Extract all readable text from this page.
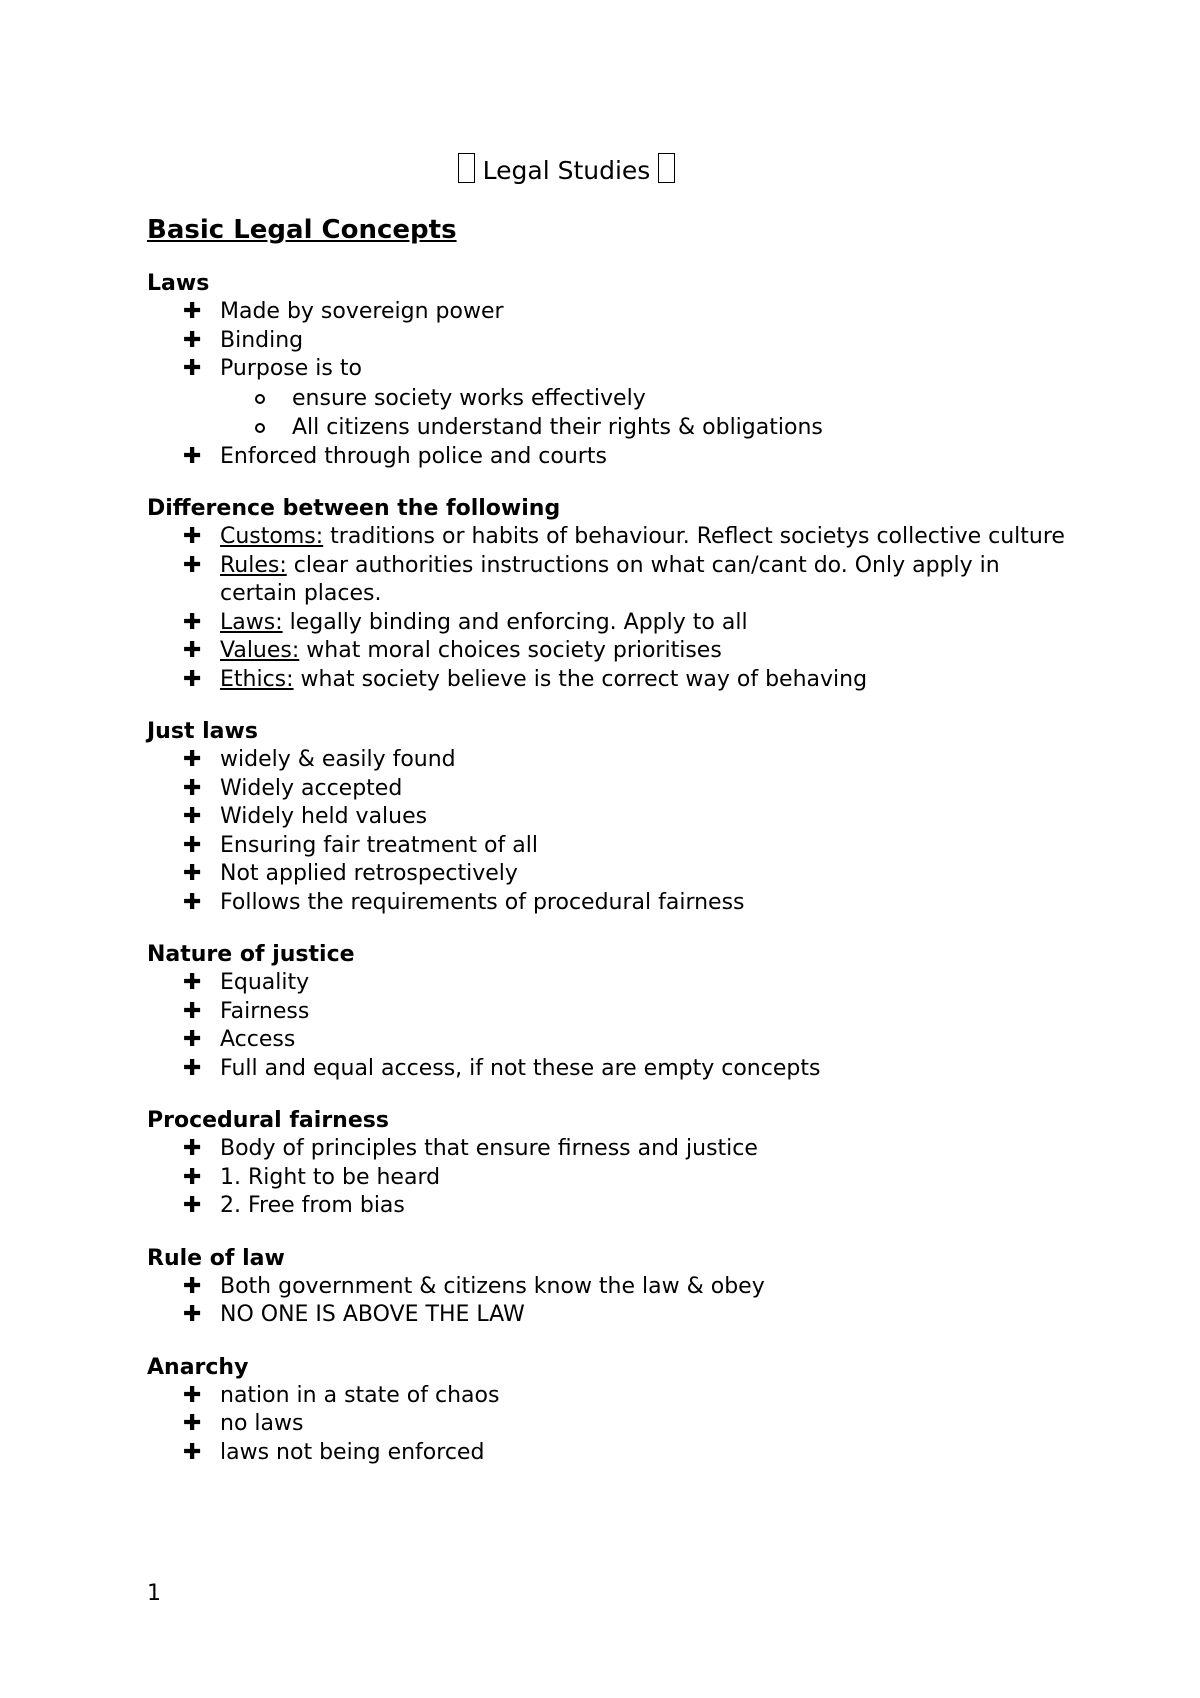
Legal Studies
Basic Legal Concepts
Laws
✚ Made by sovereign power
✚ Binding
✚ Purpose is to
ensure society works effectively
All citizens understand their rights & obligations
✚ Enforced through police and courts
Difference between the following
✚ Customs: traditions or habits of behaviour. Reflect societys collective culture
✚ Rules: clear authorities instructions on what can/cant do. Only apply in certain places.
✚ Laws: legally binding and enforcing. Apply to all
✚ Values: what moral choices society prioritises
✚ Ethics: what society believe is the correct way of behaving
Just laws
✚ widely & easily found
✚ Widely accepted
✚ Widely held values
✚ Ensuring fair treatment of all
✚ Not applied retrospectively
✚ Follows the requirements of procedural fairness
Nature of justice
✚ Equality
✚ Fairness
✚ Access
✚ Full and equal access, if not these are empty concepts
Procedural fairness
✚ Body of principles that ensure firness and justice
✚ 1. Right to be heard
✚ 2. Free from bias
Rule of law
✚ Both government & citizens know the law & obey
✚ NO ONE IS ABOVE THE LAW
Anarchy
✚ nation in a state of chaos
✚ no laws
✚ laws not being enforced
1
